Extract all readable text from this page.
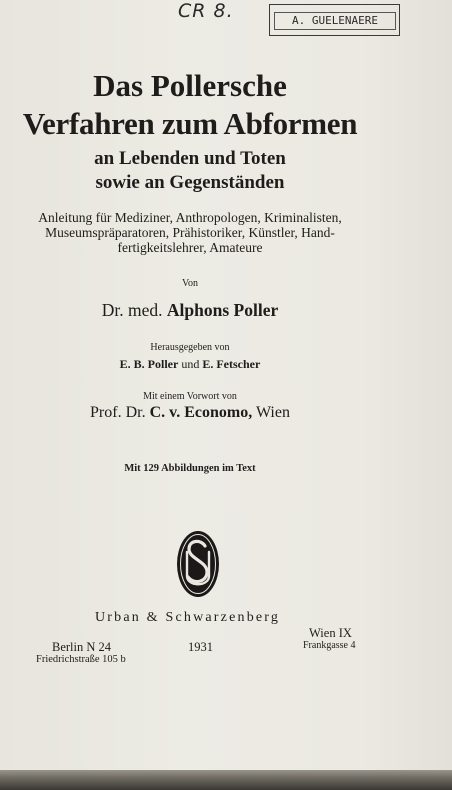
CR 8.	A. GUELENAERE
Das Pollersche
Verfahren zum Abformen
an Lebenden und Toten
sowie an Gegenständen
Anleitung für Mediziner, Anthropologen, Kriminalisten,
Museumspräparatoren, Prähistoriker, Künstler, Hand-
fertigkeitslehrer, Amateure
Von
Dr. med. Alphons Poller
Herausgegeben von
E. B. Poller und E. Fetscher
Mit einem Vorwort von
Prof. Dr. C. v. Economo, Wien
Mit 129 Abbildungen im Text
Urban & Schwarzenberg
Berlin N 24
Friedrichstraße 105 b
1931
Wien IX
Frankgasse 4
